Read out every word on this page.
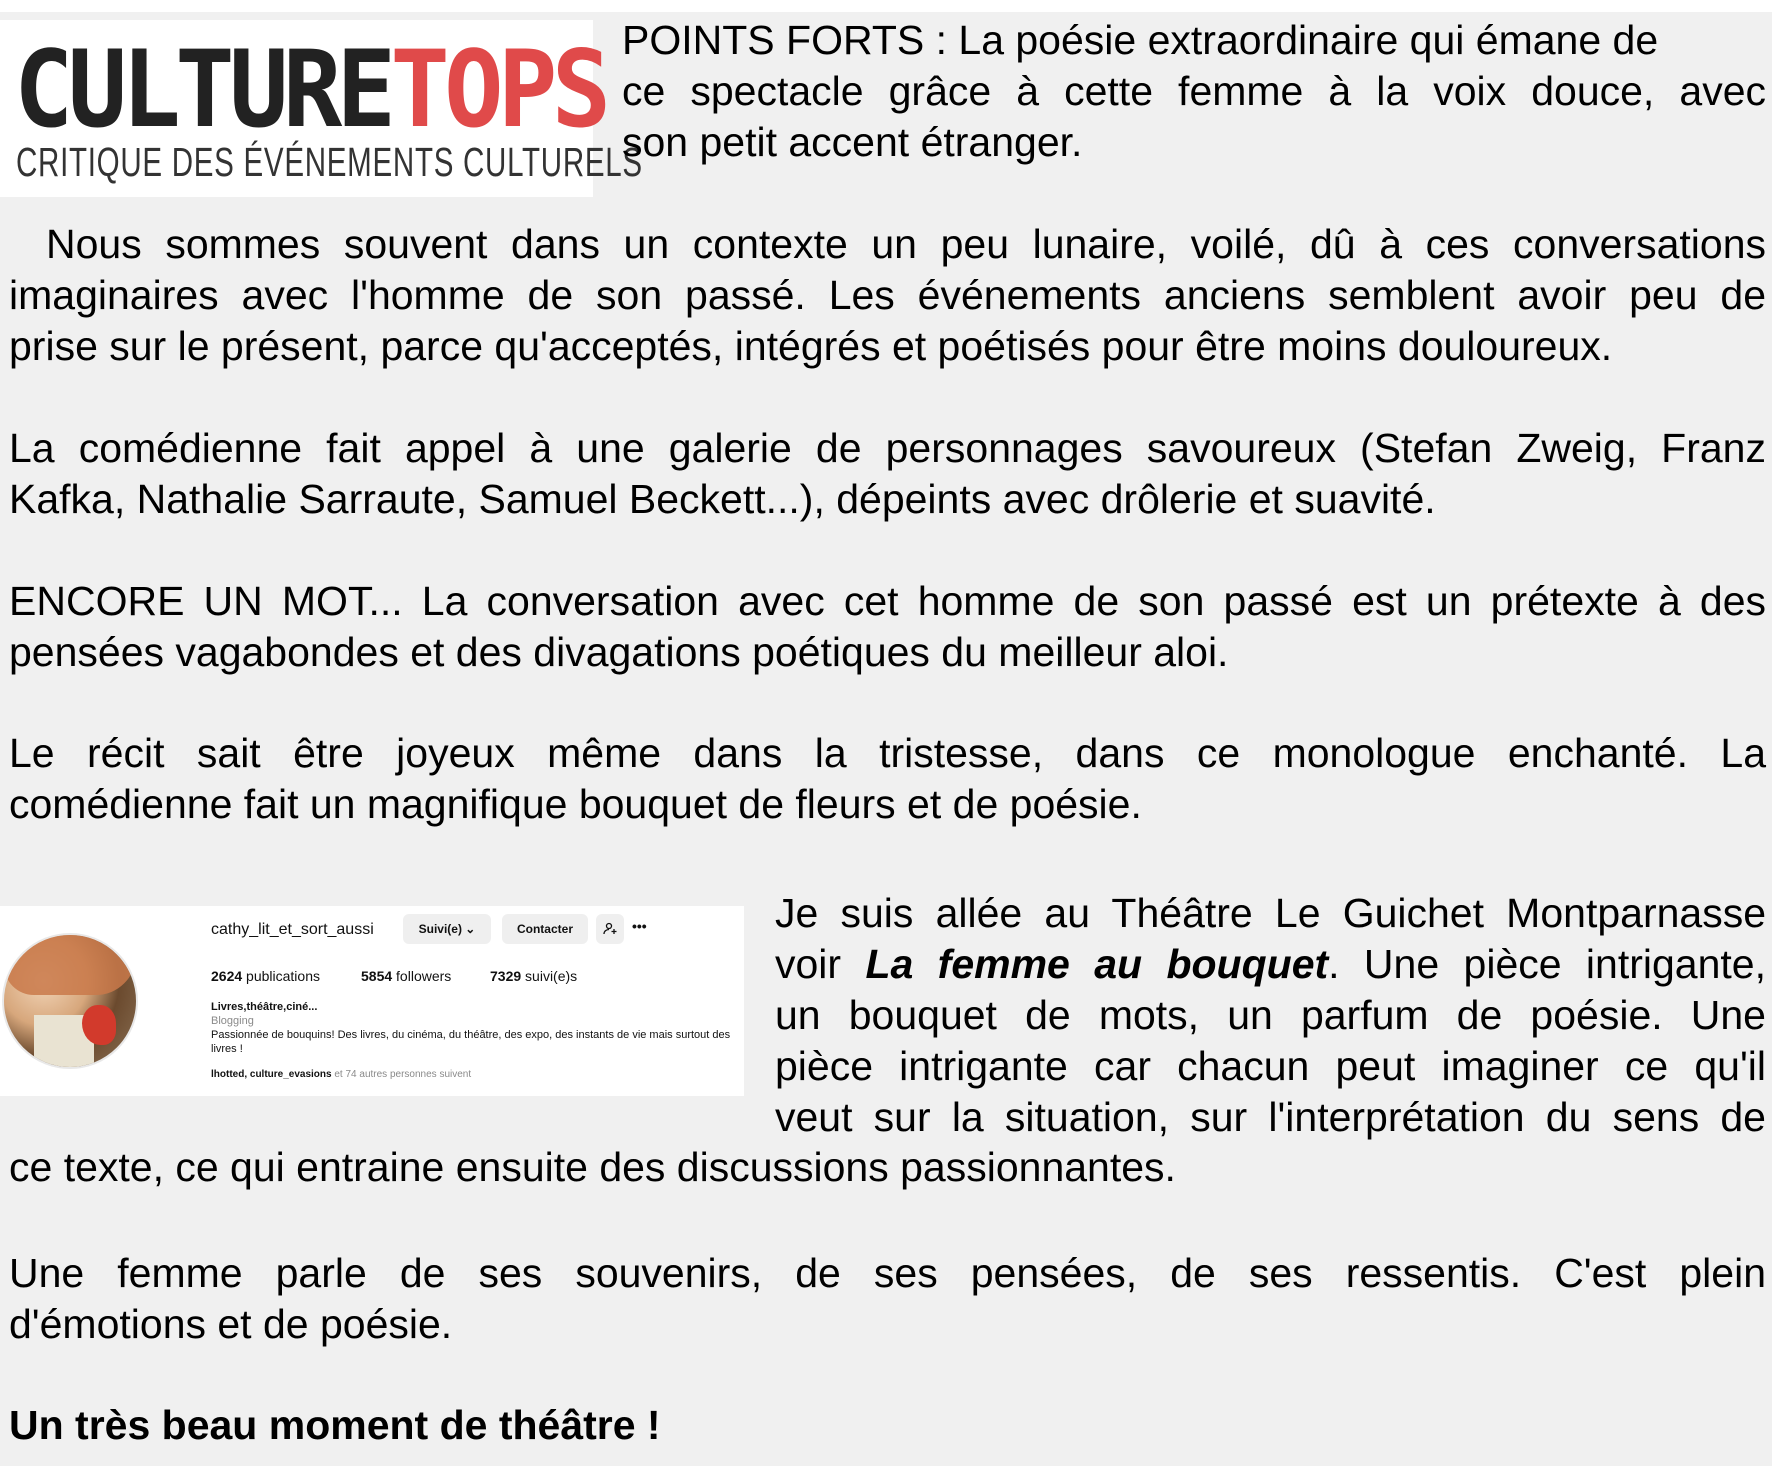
CULTURETOPS
CRITIQUE DES ÉVÉNEMENTS CULTURELS
POINTS FORTS : La poésie extraordinaire qui émane de
ce spectacle grâce à cette femme à la voix douce, avec
son petit accent étranger.
Nous sommes souvent dans un contexte un peu lunaire, voilé, dû à ces conversations
imaginaires avec l'homme de son passé. Les événements anciens semblent avoir peu de
prise sur le présent, parce qu'acceptés, intégrés et poétisés pour être moins douloureux.
La comédienne fait appel à une galerie de personnages savoureux (Stefan Zweig, Franz
Kafka, Nathalie Sarraute, Samuel Beckett...), dépeints avec drôlerie et suavité.
ENCORE UN MOT... La conversation avec cet homme de son passé est un prétexte à des
pensées vagabondes et des divagations poétiques du meilleur aloi.
Le récit sait être joyeux même dans la tristesse, dans ce monologue enchanté. La
comédienne fait un magnifique bouquet de fleurs et de poésie.
cathy_lit_et_sort_aussi	Suivi(e) ⌄	Contacter	•••
2624 publications	5854 followers	7329 suivi(e)s
Livres,théâtre,ciné...
Blogging
Passionnée de bouquins! Des livres, du cinéma, du théâtre, des expo, des instants de vie mais surtout des livres !
lhotted, culture_evasions et 74 autres personnes suivent
Je suis allée au Théâtre Le Guichet Montparnasse
voir La femme au bouquet. Une pièce intrigante,
un bouquet de mots, un parfum de poésie. Une
pièce intrigante car chacun peut imaginer ce qu'il
veut sur la situation, sur l'interprétation du sens de
ce texte, ce qui entraine ensuite des discussions passionnantes.
Une femme parle de ses souvenirs, de ses pensées, de ses ressentis. C'est plein
d'émotions et de poésie.
Un très beau moment de théâtre !
